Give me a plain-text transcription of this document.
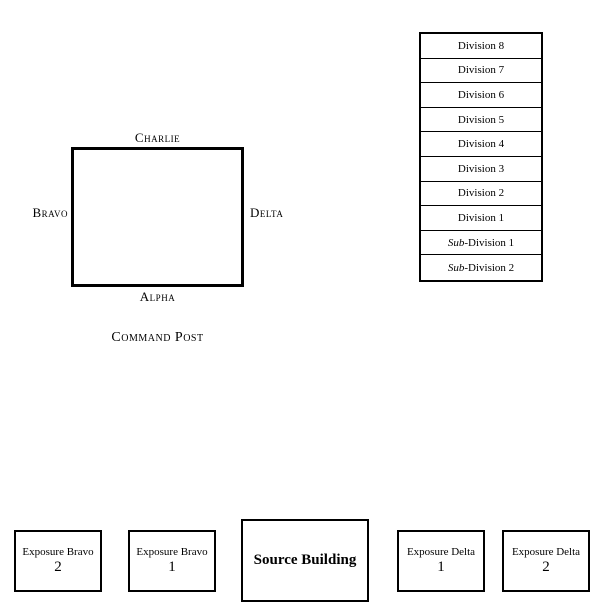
Charlie
Alpha
Bravo	Delta
Command Post
Division 8
Division 7
Division 6
Division 5
Division 4
Division 3
Division 2
Division 1
Sub -Division 1
Sub -Division 2
Exposure Bravo
2
Exposure Bravo
1	Source Building
Exposure Delta
1
Exposure Delta
2
